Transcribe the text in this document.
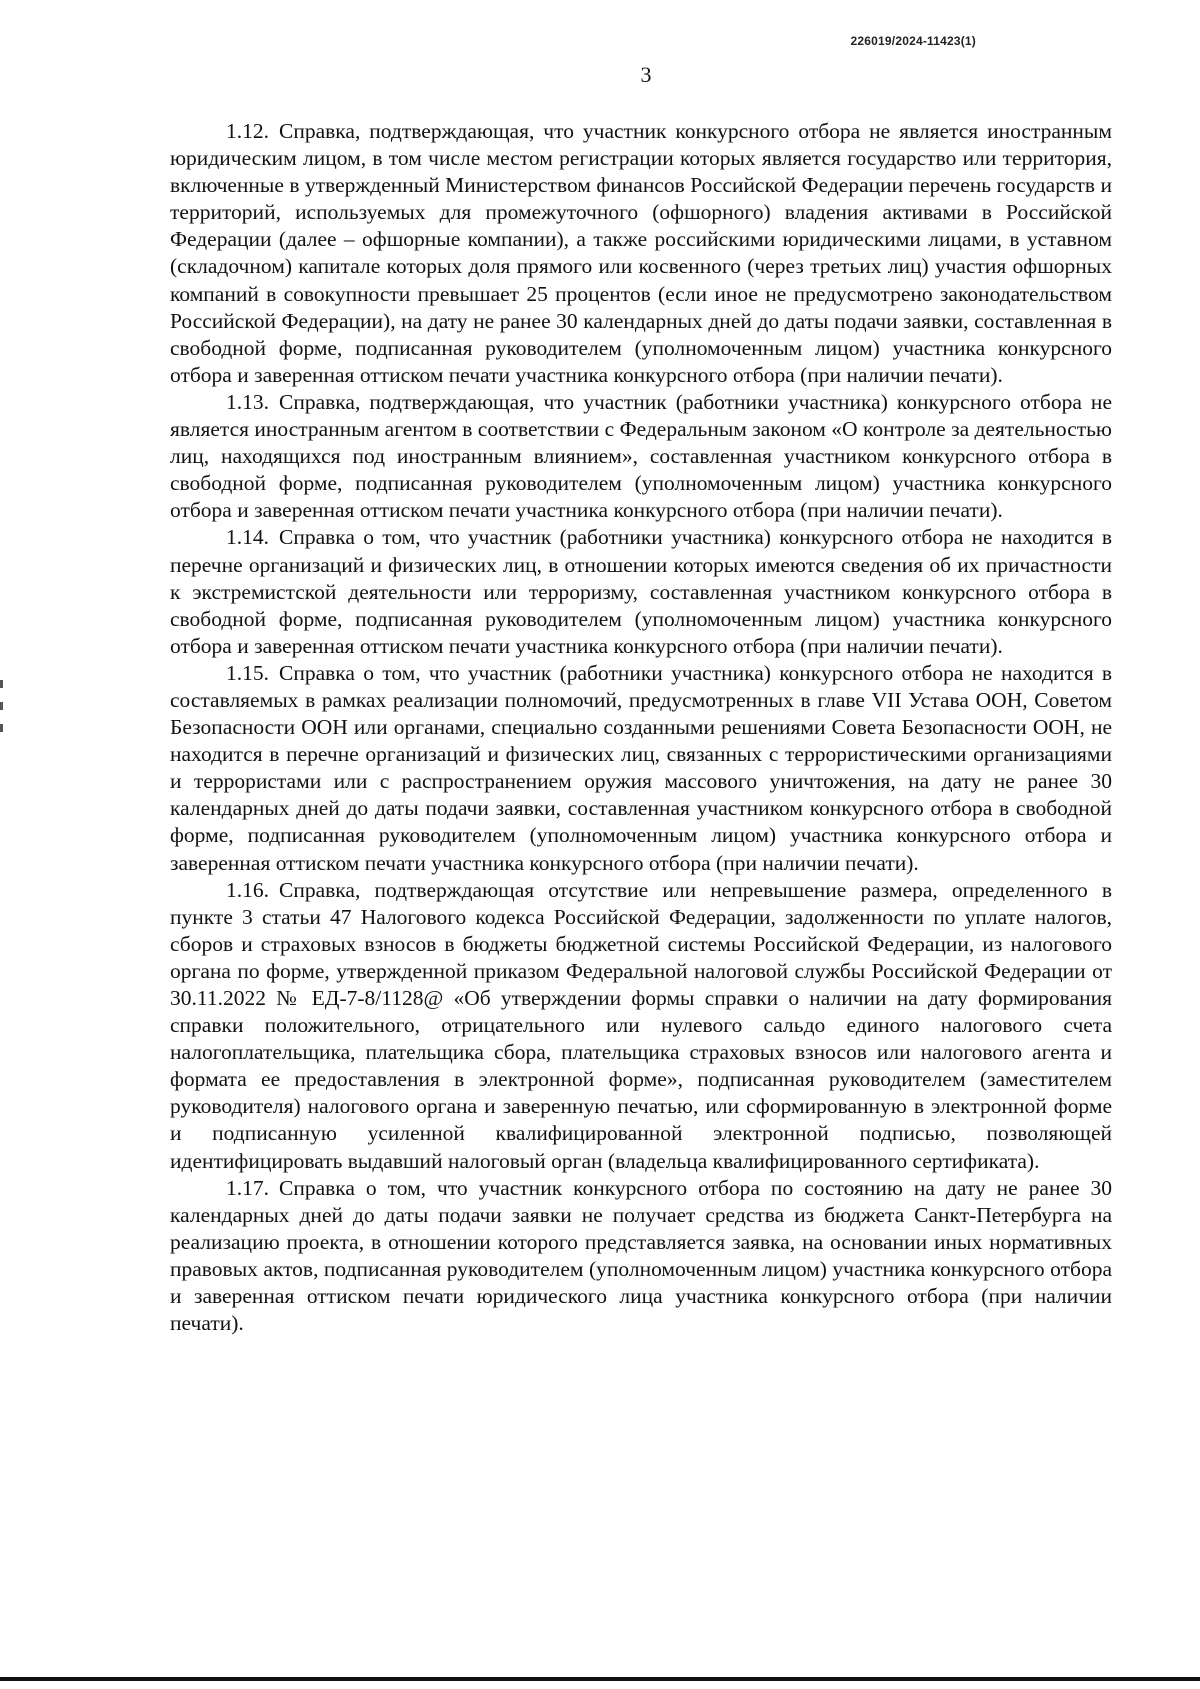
226019/2024-11423(1)
3

1.12. Справка, подтверждающая, что участник конкурсного отбора не является иностранным юридическим лицом, в том числе местом регистрации которых является государство или территория, включенные в утвержденный Министерством финансов Российской Федерации перечень государств и территорий, используемых для промежуточного (офшорного) владения активами в Российской Федерации (далее – офшорные компании), а также российскими юридическими лицами, в уставном (складочном) капитале которых доля прямого или косвенного (через третьих лиц) участия офшорных компаний в совокупности превышает 25 процентов (если иное не предусмотрено законодательством Российской Федерации), на дату не ранее 30 календарных дней до даты подачи заявки, составленная в свободной форме, подписанная руководителем (уполномоченным лицом) участника конкурсного отбора и заверенная оттиском печати участника конкурсного отбора (при наличии печати).

1.13. Справка, подтверждающая, что участник (работники участника) конкурсного отбора не является иностранным агентом в соответствии с Федеральным законом «О контроле за деятельностью лиц, находящихся под иностранным влиянием», составленная участником конкурсного отбора в свободной форме, подписанная руководителем (уполномоченным лицом) участника конкурсного отбора и заверенная оттиском печати участника конкурсного отбора (при наличии печати).

1.14. Справка о том, что участник (работники участника) конкурсного отбора не находится в перечне организаций и физических лиц, в отношении которых имеются сведения об их причастности к экстремистской деятельности или терроризму, составленная участником конкурсного отбора в свободной форме, подписанная руководителем (уполномоченным лицом) участника конкурсного отбора и заверенная оттиском печати участника конкурсного отбора (при наличии печати).

1.15. Справка о том, что участник (работники участника) конкурсного отбора не находится в составляемых в рамках реализации полномочий, предусмотренных в главе VII Устава ООН, Советом Безопасности ООН или органами, специально созданными решениями Совета Безопасности ООН, не находится в перечне организаций и физических лиц, связанных с террористическими организациями и террористами или с распространением оружия массового уничтожения, на дату не ранее 30 календарных дней до даты подачи заявки, составленная участником конкурсного отбора в свободной форме, подписанная руководителем (уполномоченным лицом) участника конкурсного отбора и заверенная оттиском печати участника конкурсного отбора (при наличии печати).

1.16. Справка, подтверждающая отсутствие или непревышение размера, определенного в пункте 3 статьи 47 Налогового кодекса Российской Федерации, задолженности по уплате налогов, сборов и страховых взносов в бюджеты бюджетной системы Российской Федерации, из налогового органа по форме, утвержденной приказом Федеральной налоговой службы Российской Федерации от 30.11.2022 № ЕД-7-8/1128@ «Об утверждении формы справки о наличии на дату формирования справки положительного, отрицательного или нулевого сальдо единого налогового счета налогоплательщика, плательщика сбора, плательщика страховых взносов или налогового агента и формата ее предоставления в электронной форме», подписанная руководителем (заместителем руководителя) налогового органа и заверенную печатью, или сформированную в электронной форме и подписанную усиленной квалифицированной электронной подписью, позволяющей идентифицировать выдавший налоговый орган (владельца квалифицированного сертификата).

1.17. Справка о том, что участник конкурсного отбора по состоянию на дату не ранее 30 календарных дней до даты подачи заявки не получает средства из бюджета Санкт-Петербурга на реализацию проекта, в отношении которого представляется заявка, на основании иных нормативных правовых актов, подписанная руководителем (уполномоченным лицом) участника конкурсного отбора и заверенная оттиском печати юридического лица участника конкурсного отбора (при наличии печати).
